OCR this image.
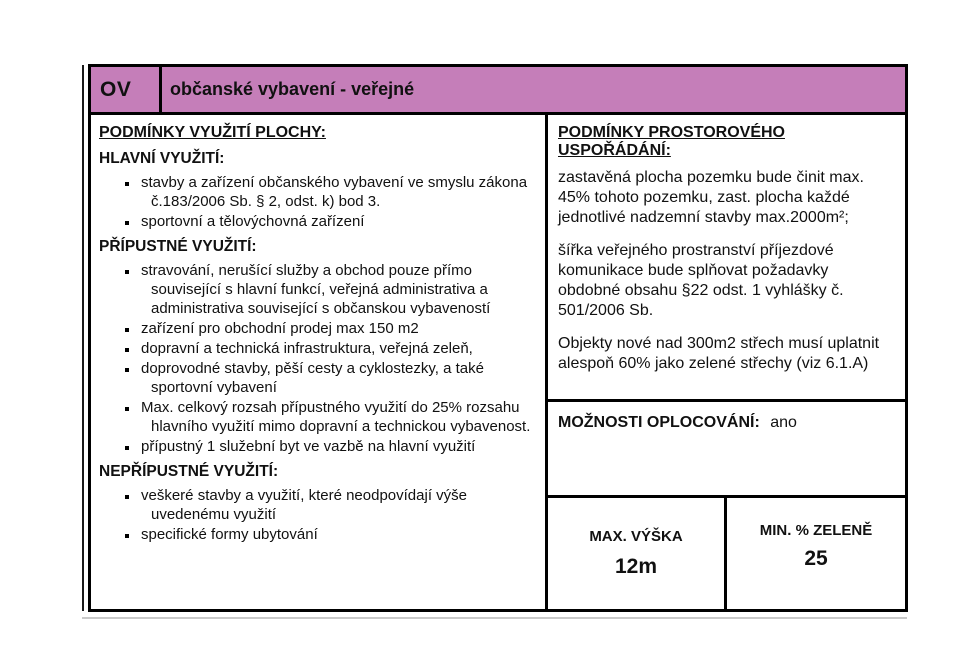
OV občanské vybavení - veřejné
PODMÍNKY VYUŽITÍ PLOCHY:
HLAVNÍ VYUŽITÍ:
stavby a zařízení občanského vybavení ve smyslu zákona č.183/2006 Sb. § 2, odst. k) bod 3.
sportovní a tělovýchovná zařízení
PŘÍPUSTNÉ VYUŽITÍ:
stravování, nerušící služby a obchod pouze přímo související s hlavní funkcí, veřejná administrativa a administrativa související s občanskou vybaveností
zařízení pro obchodní prodej max 150 m2
dopravní a technická infrastruktura, veřejná zeleň,
doprovodné stavby, pěší cesty a cyklostezky, a také sportovní vybavení
Max. celkový rozsah přípustného využití do 25% rozsahu hlavního využití mimo dopravní a technickou vybavenost.
přípustný 1 služební byt ve vazbě na hlavní využití
NEPŘÍPUSTNÉ VYUŽITÍ:
veškeré stavby a využití, které neodpovídají výše uvedenému využití
specifické formy ubytování
PODMÍNKY PROSTOROVÉHO USPOŘÁDÁNÍ:

zastavěná plocha pozemku bude činit max. 45% tohoto pozemku, zast. plocha každé jednotlivé nadzemní stavby max.2000m²;

šířka veřejného prostranství příjezdové komunikace bude splňovat požadavky obdobné obsahu §22 odst. 1 vyhlášky č. 501/2006 Sb.

Objekty nové nad 300m2 střech musí uplatnit alespoň 60% jako zelené střechy (viz 6.1.A)

MOŽNOSTI OPLOCOVÁNÍ: ano
MAX. VÝŠKA
12m
MIN. % ZELENĚ
25
